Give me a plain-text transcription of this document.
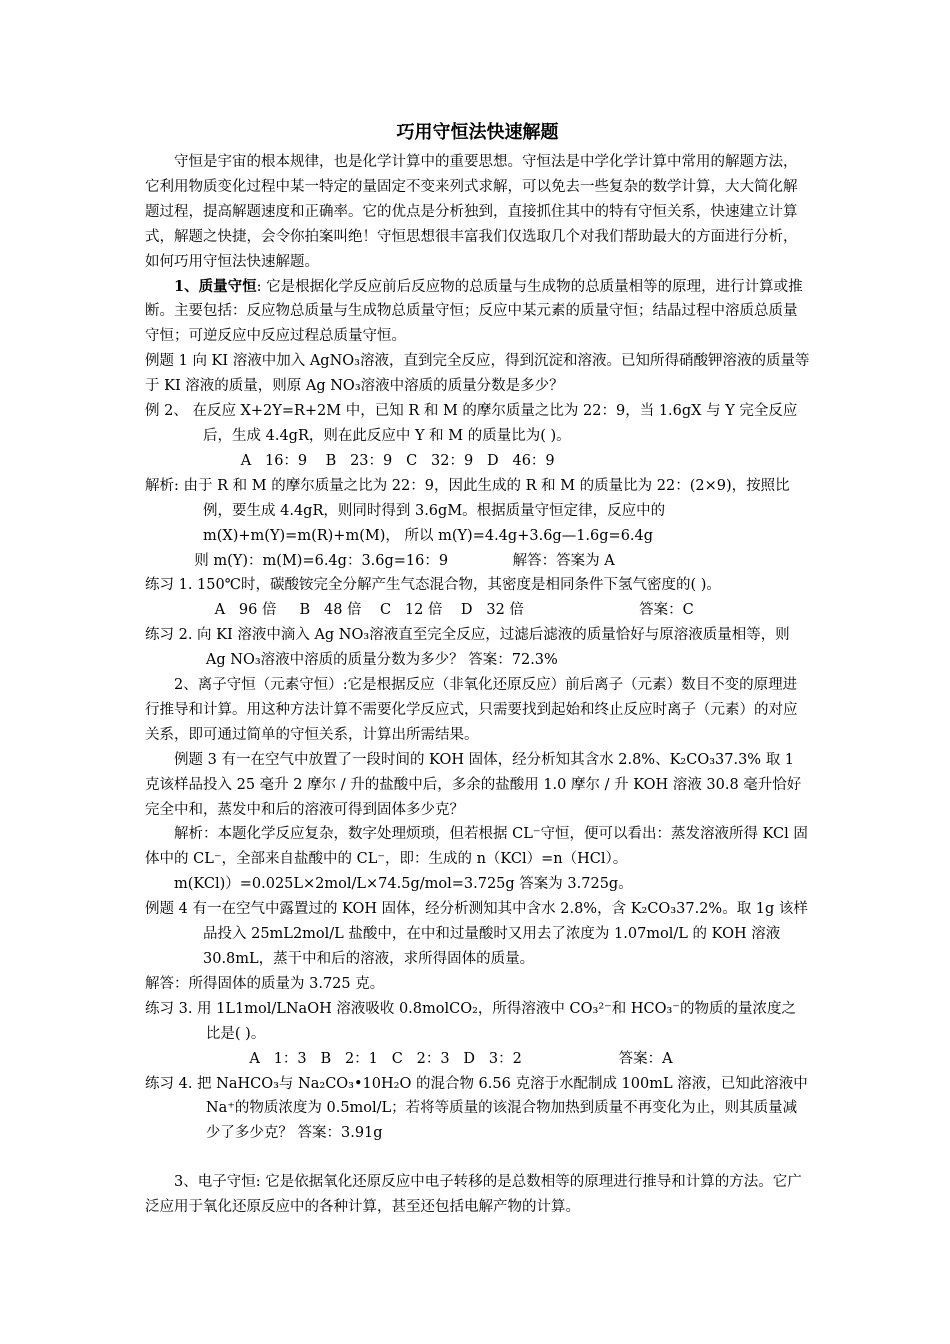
巧用守恒法快速解题

守恒是宇宙的根本规律，也是化学计算中的重要思想。守恒法是中学化学计算中常用的解题方法，它利用物质变化过程中某一特定的量固定不变来列式求解，可以免去一些复杂的数学计算，大大简化解题过程，提高解题速度和正确率。它的优点是分析独到，直接抓住其中的特有守恒关系，快速建立计算式，解题之快捷，会令你拍案叫绝！守恒思想很丰富我们仅选取几个对我们帮助最大的方面进行分析，如何巧用守恒法快速解题。

1、质量守恒: 它是根据化学反应前后反应物的总质量与生成物的总质量相等的原理，进行计算或推断。主要包括：反应物总质量与生成物总质量守恒；反应中某元素的质量守恒；结晶过程中溶质总质量守恒；可逆反应中反应过程总质量守恒。

例题 1 向 KI 溶液中加入 AgNO₃溶液，直到完全反应，得到沉淀和溶液。已知所得硝酸钾溶液的质量等于 KI 溶液的质量，则原 Ag NO₃溶液中溶质的质量分数是多少？

例 2、 在反应 X+2Y=R+2M 中，已知 R 和 M 的摩尔质量之比为 22：9，当 1.6gX 与 Y 完全反应后，生成 4.4gR，则在此反应中 Y 和 M 的质量比为( )。

A   16：9    B   23：9   C   32：9   D   46：9

解析: 由于 R 和 M 的摩尔质量之比为 22：9，因此生成的 R 和 M 的质量比为 22：(2×9)，按照比例，要生成 4.4gR，则同时得到 3.6gM。根据质量守恒定律，反应中的 m(X)+m(Y)=m(R)+m(M)， 所以 m(Y)=4.4g+3.6g—1.6g=6.4g

则 m(Y)：m(M)=6.4g：3.6g=16：9              解答：答案为 A

练习 1. 150℃时，碳酸铵完全分解产生气态混合物，其密度是相同条件下氢气密度的( )。

A   96 倍     B   48 倍    C   12 倍    D   32 倍                         答案：C

练习 2. 向 KI 溶液中滴入 Ag NO₃溶液直至完全反应，过滤后滤液的质量恰好与原溶液质量相等，则 Ag NO₃溶液中溶质的质量分数为多少？ 答案：72.3%

2、离子守恒（元素守恒）:它是根据反应（非氧化还原反应）前后离子（元素）数目不变的原理进行推导和计算。用这种方法计算不需要化学反应式，只需要找到起始和终止反应时离子（元素）的对应关系，即可通过简单的守恒关系，计算出所需结果。

例题 3 有一在空气中放置了一段时间的 KOH 固体，经分析知其含水 2.8%、K₂CO₃37.3% 取 1 克该样品投入 25 毫升 2 摩尔 / 升的盐酸中后，多余的盐酸用 1.0 摩尔 / 升 KOH 溶液 30.8 毫升恰好完全中和，蒸发中和后的溶液可得到固体多少克？

解析：本题化学反应复杂，数字处理烦琐，但若根据 CL⁻守恒，便可以看出：蒸发溶液所得 KCl 固体中的 CL⁻，全部来自盐酸中的 CL⁻，即：生成的 n（KCl）=n（HCl）。

m(KCl)）=0.025L×2mol/L×74.5g/mol=3.725g 答案为 3.725g。

例题 4 有一在空气中露置过的 KOH 固体，经分析测知其中含水 2.8%，含 K₂CO₃37.2%。取 1g 该样品投入 25mL2mol/L 盐酸中，在中和过量酸时又用去了浓度为 1.07mol/L 的 KOH 溶液 30.8mL，蒸干中和后的溶液，求所得固体的质量。

解答：所得固体的质量为 3.725 克。

练习 3. 用 1L1mol/LNaOH 溶液吸收 0.8molCO₂，所得溶液中 CO₃²⁻和 HCO₃⁻的物质的量浓度之比是( )。

A   1：3   B   2：1   C   2：3   D   3：2                     答案：A

练习 4. 把 NaHCO₃与 Na₂CO₃•10H₂O 的混合物 6.56 克溶于水配制成 100mL 溶液，已知此溶液中 Na⁺的物质浓度为 0.5mol/L；若将等质量的该混合物加热到质量不再变化为止，则其质量减少了多少克？ 答案：3.91g

3、电子守恒: 它是依据氧化还原反应中电子转移的是总数相等的原理进行推导和计算的方法。它广泛应用于氧化还原反应中的各种计算，甚至还包括电解产物的计算。
